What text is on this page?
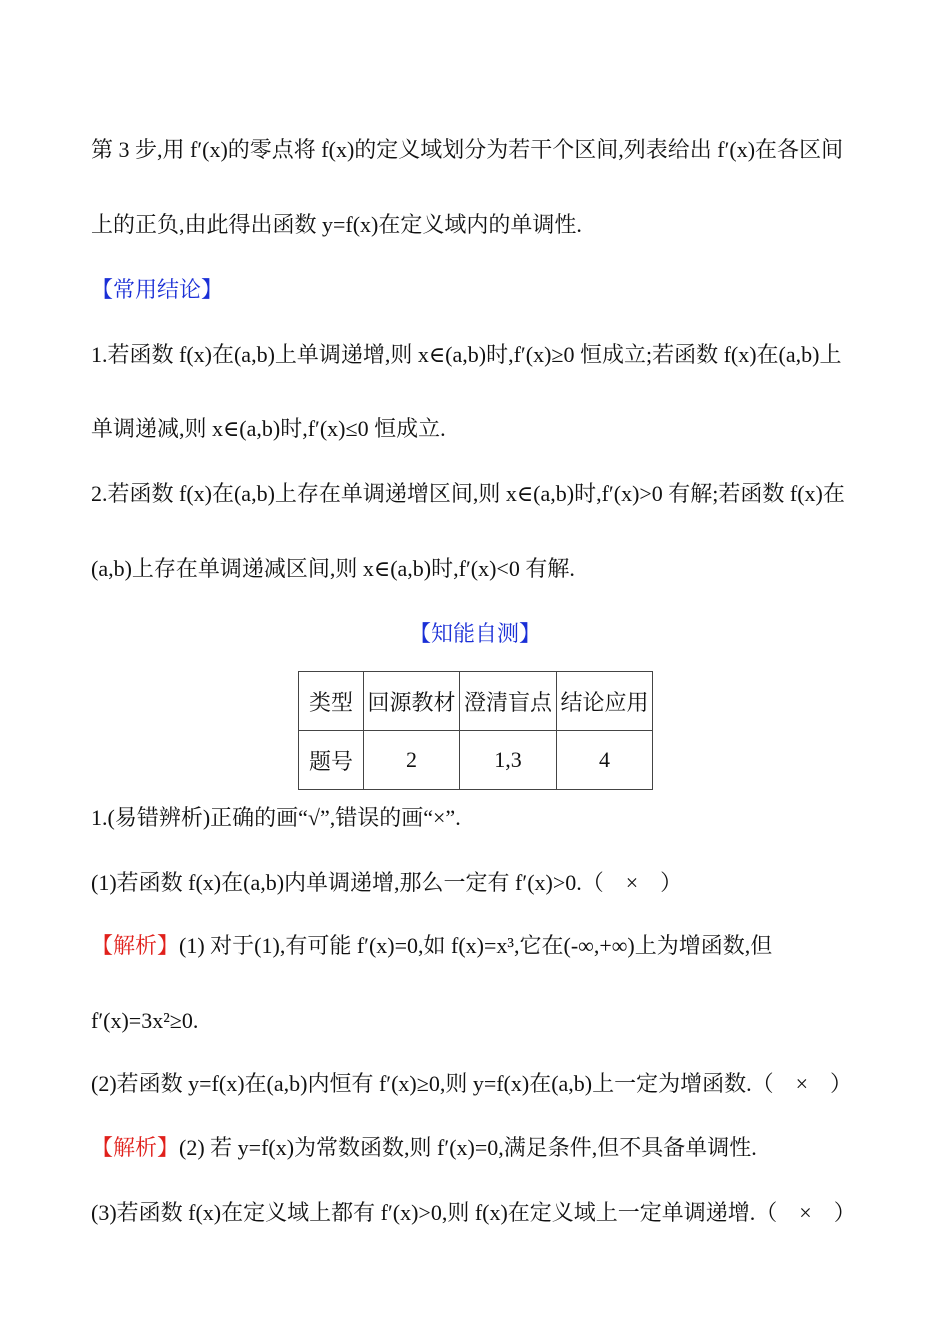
第 3 步,用 f′(x)的零点将 f(x)的定义域划分为若干个区间,列表给出 f′(x)在各区间
上的正负,由此得出函数 y=f(x)在定义域内的单调性.
【常用结论】
1.若函数 f(x)在(a,b)上单调递增,则 x∈(a,b)时,f′(x)≥0 恒成立;若函数 f(x)在(a,b)上
单调递减,则 x∈(a,b)时,f′(x)≤0 恒成立.
2.若函数 f(x)在(a,b)上存在单调递增区间,则 x∈(a,b)时,f′(x)>0 有解;若函数 f(x)在
(a,b)上存在单调递减区间,则 x∈(a,b)时,f′(x)<0 有解.
【知能自测】
类型	回源教材	澄清盲点	结论应用
题号	2	1,3	4
1.(易错辨析)正确的画“√”,错误的画“×”.
(1)若函数 f(x)在(a,b)内单调递增,那么一定有 f′(x)>0.（　×　）
【解析】(1) 对于(1),有可能 f′(x)=0,如 f(x)=x³,它在(-∞,+∞)上为增函数,但
f′(x)=3x²≥0.
(2)若函数 y=f(x)在(a,b)内恒有 f′(x)≥0,则 y=f(x)在(a,b)上一定为增函数.（　×　）
【解析】(2) 若 y=f(x)为常数函数,则 f′(x)=0,满足条件,但不具备单调性.
(3)若函数 f(x)在定义域上都有 f′(x)>0,则 f(x)在定义域上一定单调递增.（　×　）
